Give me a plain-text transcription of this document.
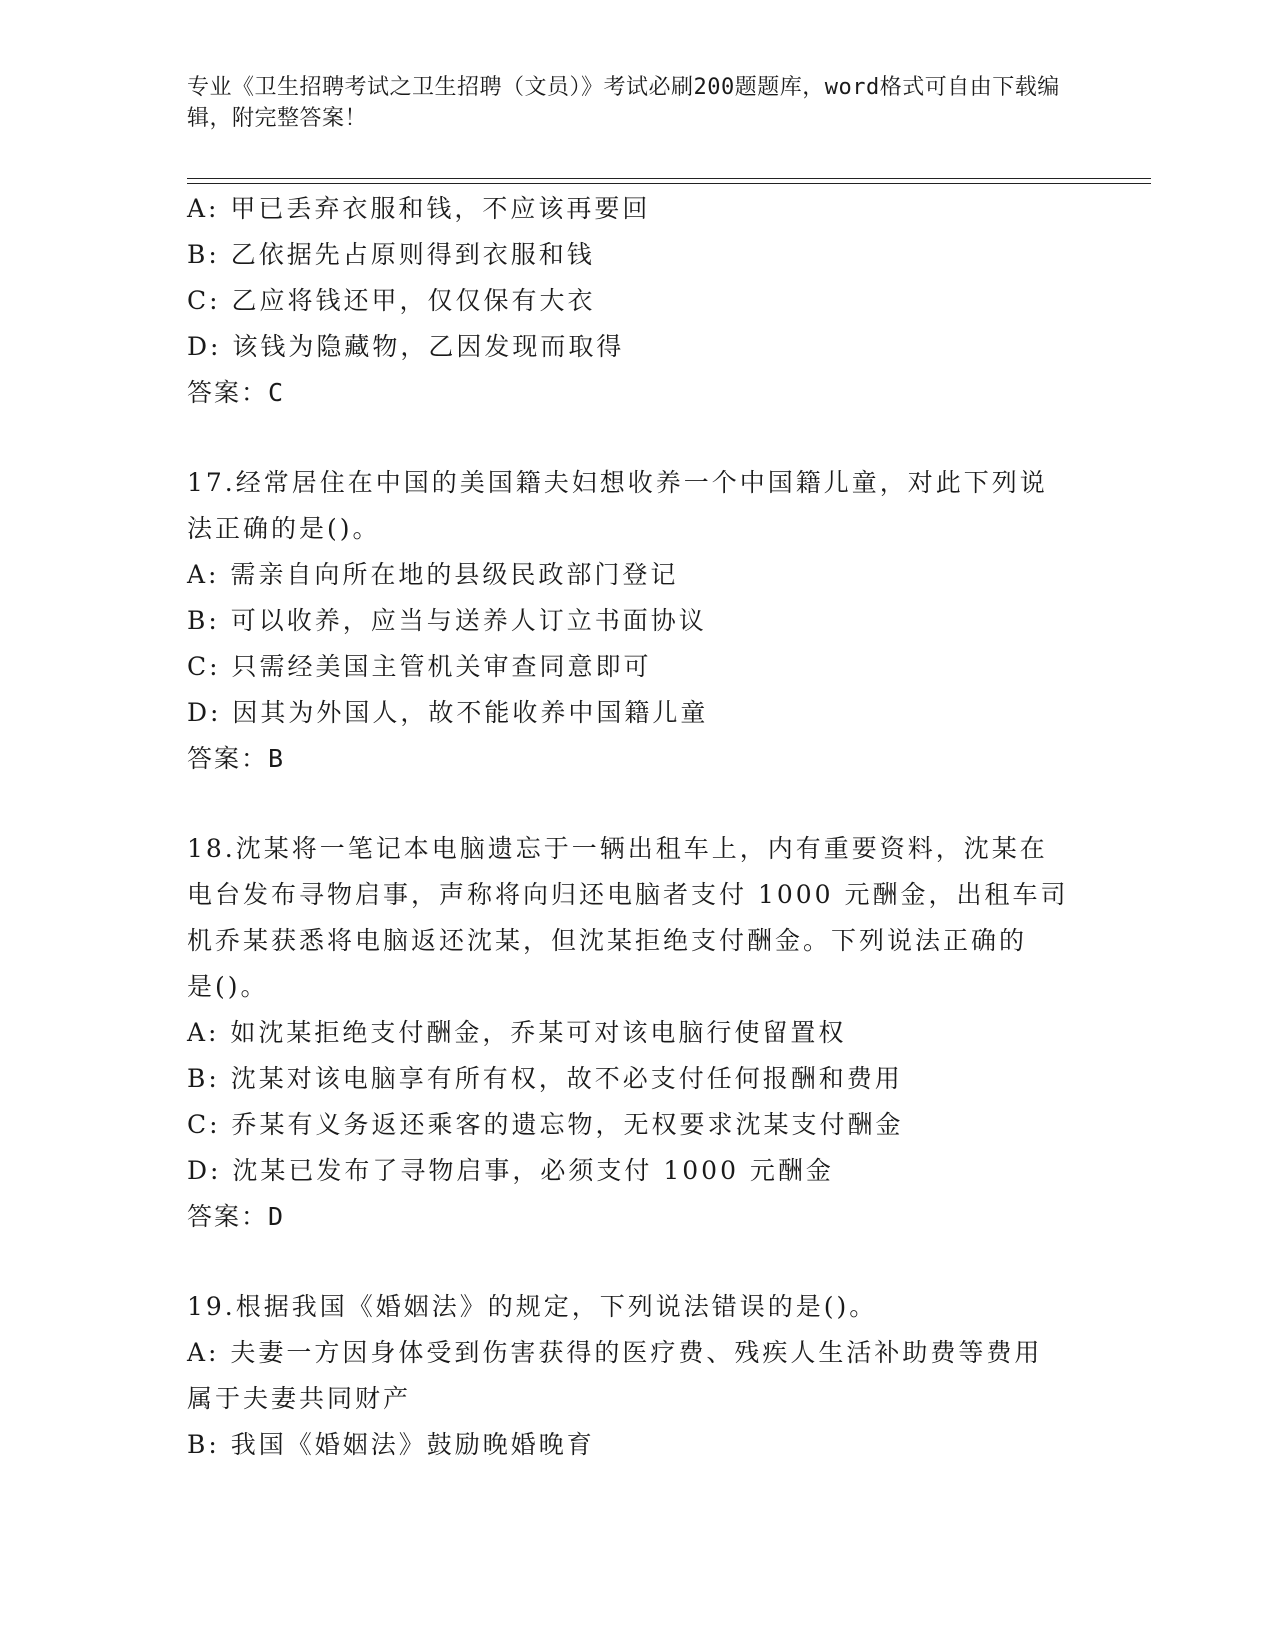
专业《卫生招聘考试之卫生招聘（文员）》考试必刷200题题库，word格式可自由下载编辑，附完整答案！
A: 甲已丢弃衣服和钱，不应该再要回
B: 乙依据先占原则得到衣服和钱
C: 乙应将钱还甲，仅仅保有大衣
D: 该钱为隐藏物，乙因发现而取得
答案：C
17.经常居住在中国的美国籍夫妇想收养一个中国籍儿童，对此下列说
法正确的是()。
A: 需亲自向所在地的县级民政部门登记
B: 可以收养，应当与送养人订立书面协议
C: 只需经美国主管机关审查同意即可
D: 因其为外国人，故不能收养中国籍儿童
答案：B
18.沈某将一笔记本电脑遗忘于一辆出租车上，内有重要资料，沈某在
电台发布寻物启事，声称将向归还电脑者支付 1000 元酬金，出租车司
机乔某获悉将电脑返还沈某，但沈某拒绝支付酬金。下列说法正确的
是()。
A: 如沈某拒绝支付酬金，乔某可对该电脑行使留置权
B: 沈某对该电脑享有所有权，故不必支付任何报酬和费用
C: 乔某有义务返还乘客的遗忘物，无权要求沈某支付酬金
D: 沈某已发布了寻物启事，必须支付 1000 元酬金
答案：D
19.根据我国《婚姻法》的规定，下列说法错误的是()。
A: 夫妻一方因身体受到伤害获得的医疗费、残疾人生活补助费等费用
属于夫妻共同财产
B: 我国《婚姻法》鼓励晚婚晚育
